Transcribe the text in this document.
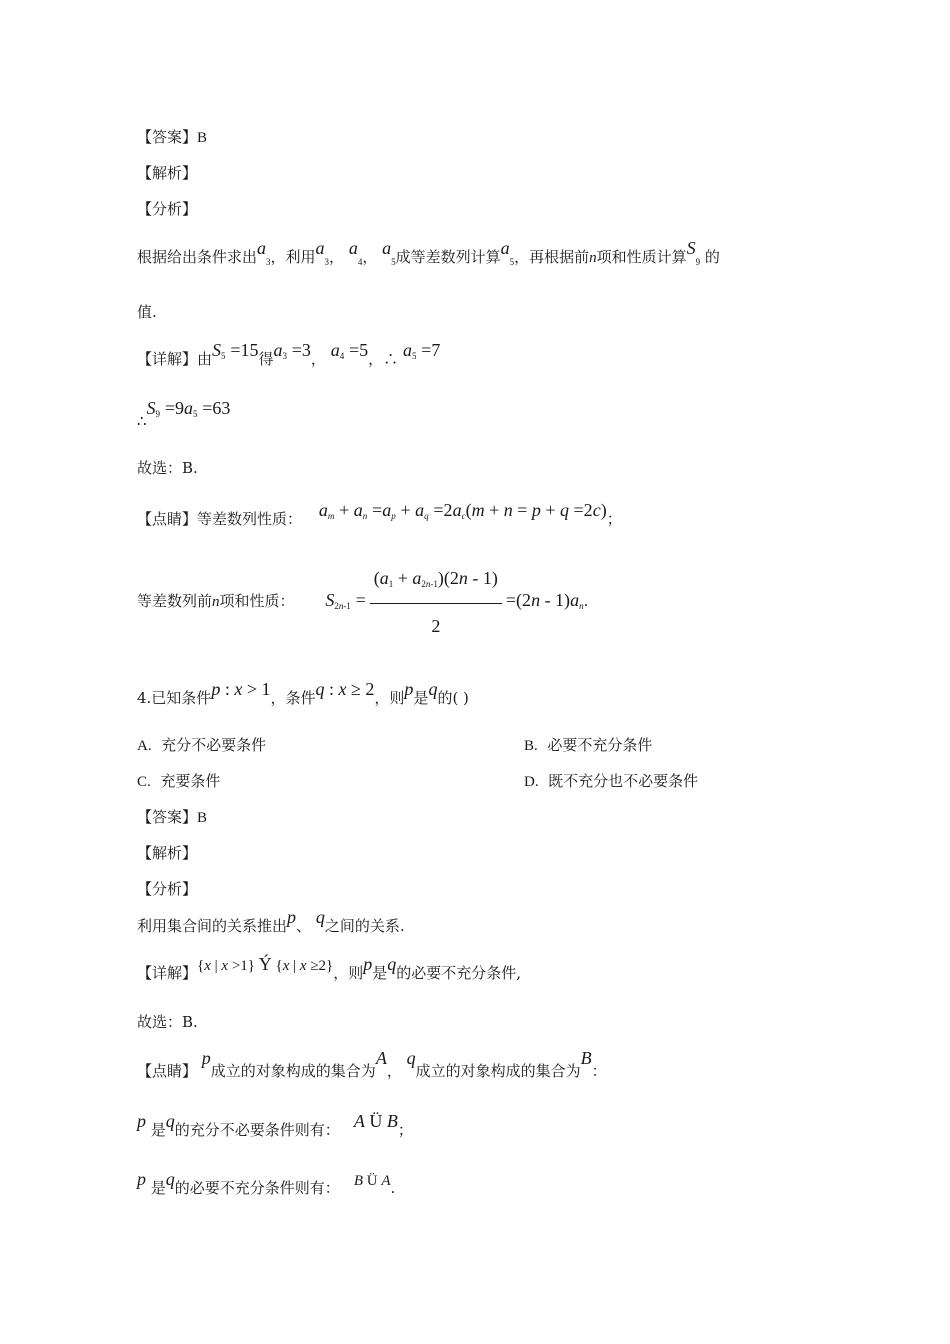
【答案】B
【解析】
【分析】
根据给出条件求出$a_3$，利用$a_3$， $a_4$， $a_5$成等差数列计算$a_5$，再根据前n项和性质计算$S_9$ 的
值.
【详解】由$S_5 =15$得$a_3 =3$， $a_4 =5$，∴ $a_5 =7$
$\therefore S_9 =9a_5 =63$
故选：B.
【点睛】等差数列性质： $a_m + a_n =a_p + a_q =2a_c(m + n = p + q =2c)$；
等差数列前n项和性质： $S_{2n-1} = \frac{(a1 + a2n-1)(2n - 1)}{2} =(2n - 1)an$.
4.已知条件p : x > 1，条件q : x ≥ 2，则p是q的( )
A. 充分不必要条件	B. 必要不充分条件
C. 充要条件	D. 既不充分也不必要条件
【答案】B
【解析】
【分析】
利用集合间的关系推出p、 q之间的关系.
【详解】{x | x >1} Ý {x | x ≥2}，则p是q的必要不充分条件,
故选：B.
【点睛】 p成立的对象构成的集合为A， q成立的对象构成的集合为B：
p 是q的充分不必要条件则有： A Ü B；
p 是q的必要不充分条件则有： B Ü A.
